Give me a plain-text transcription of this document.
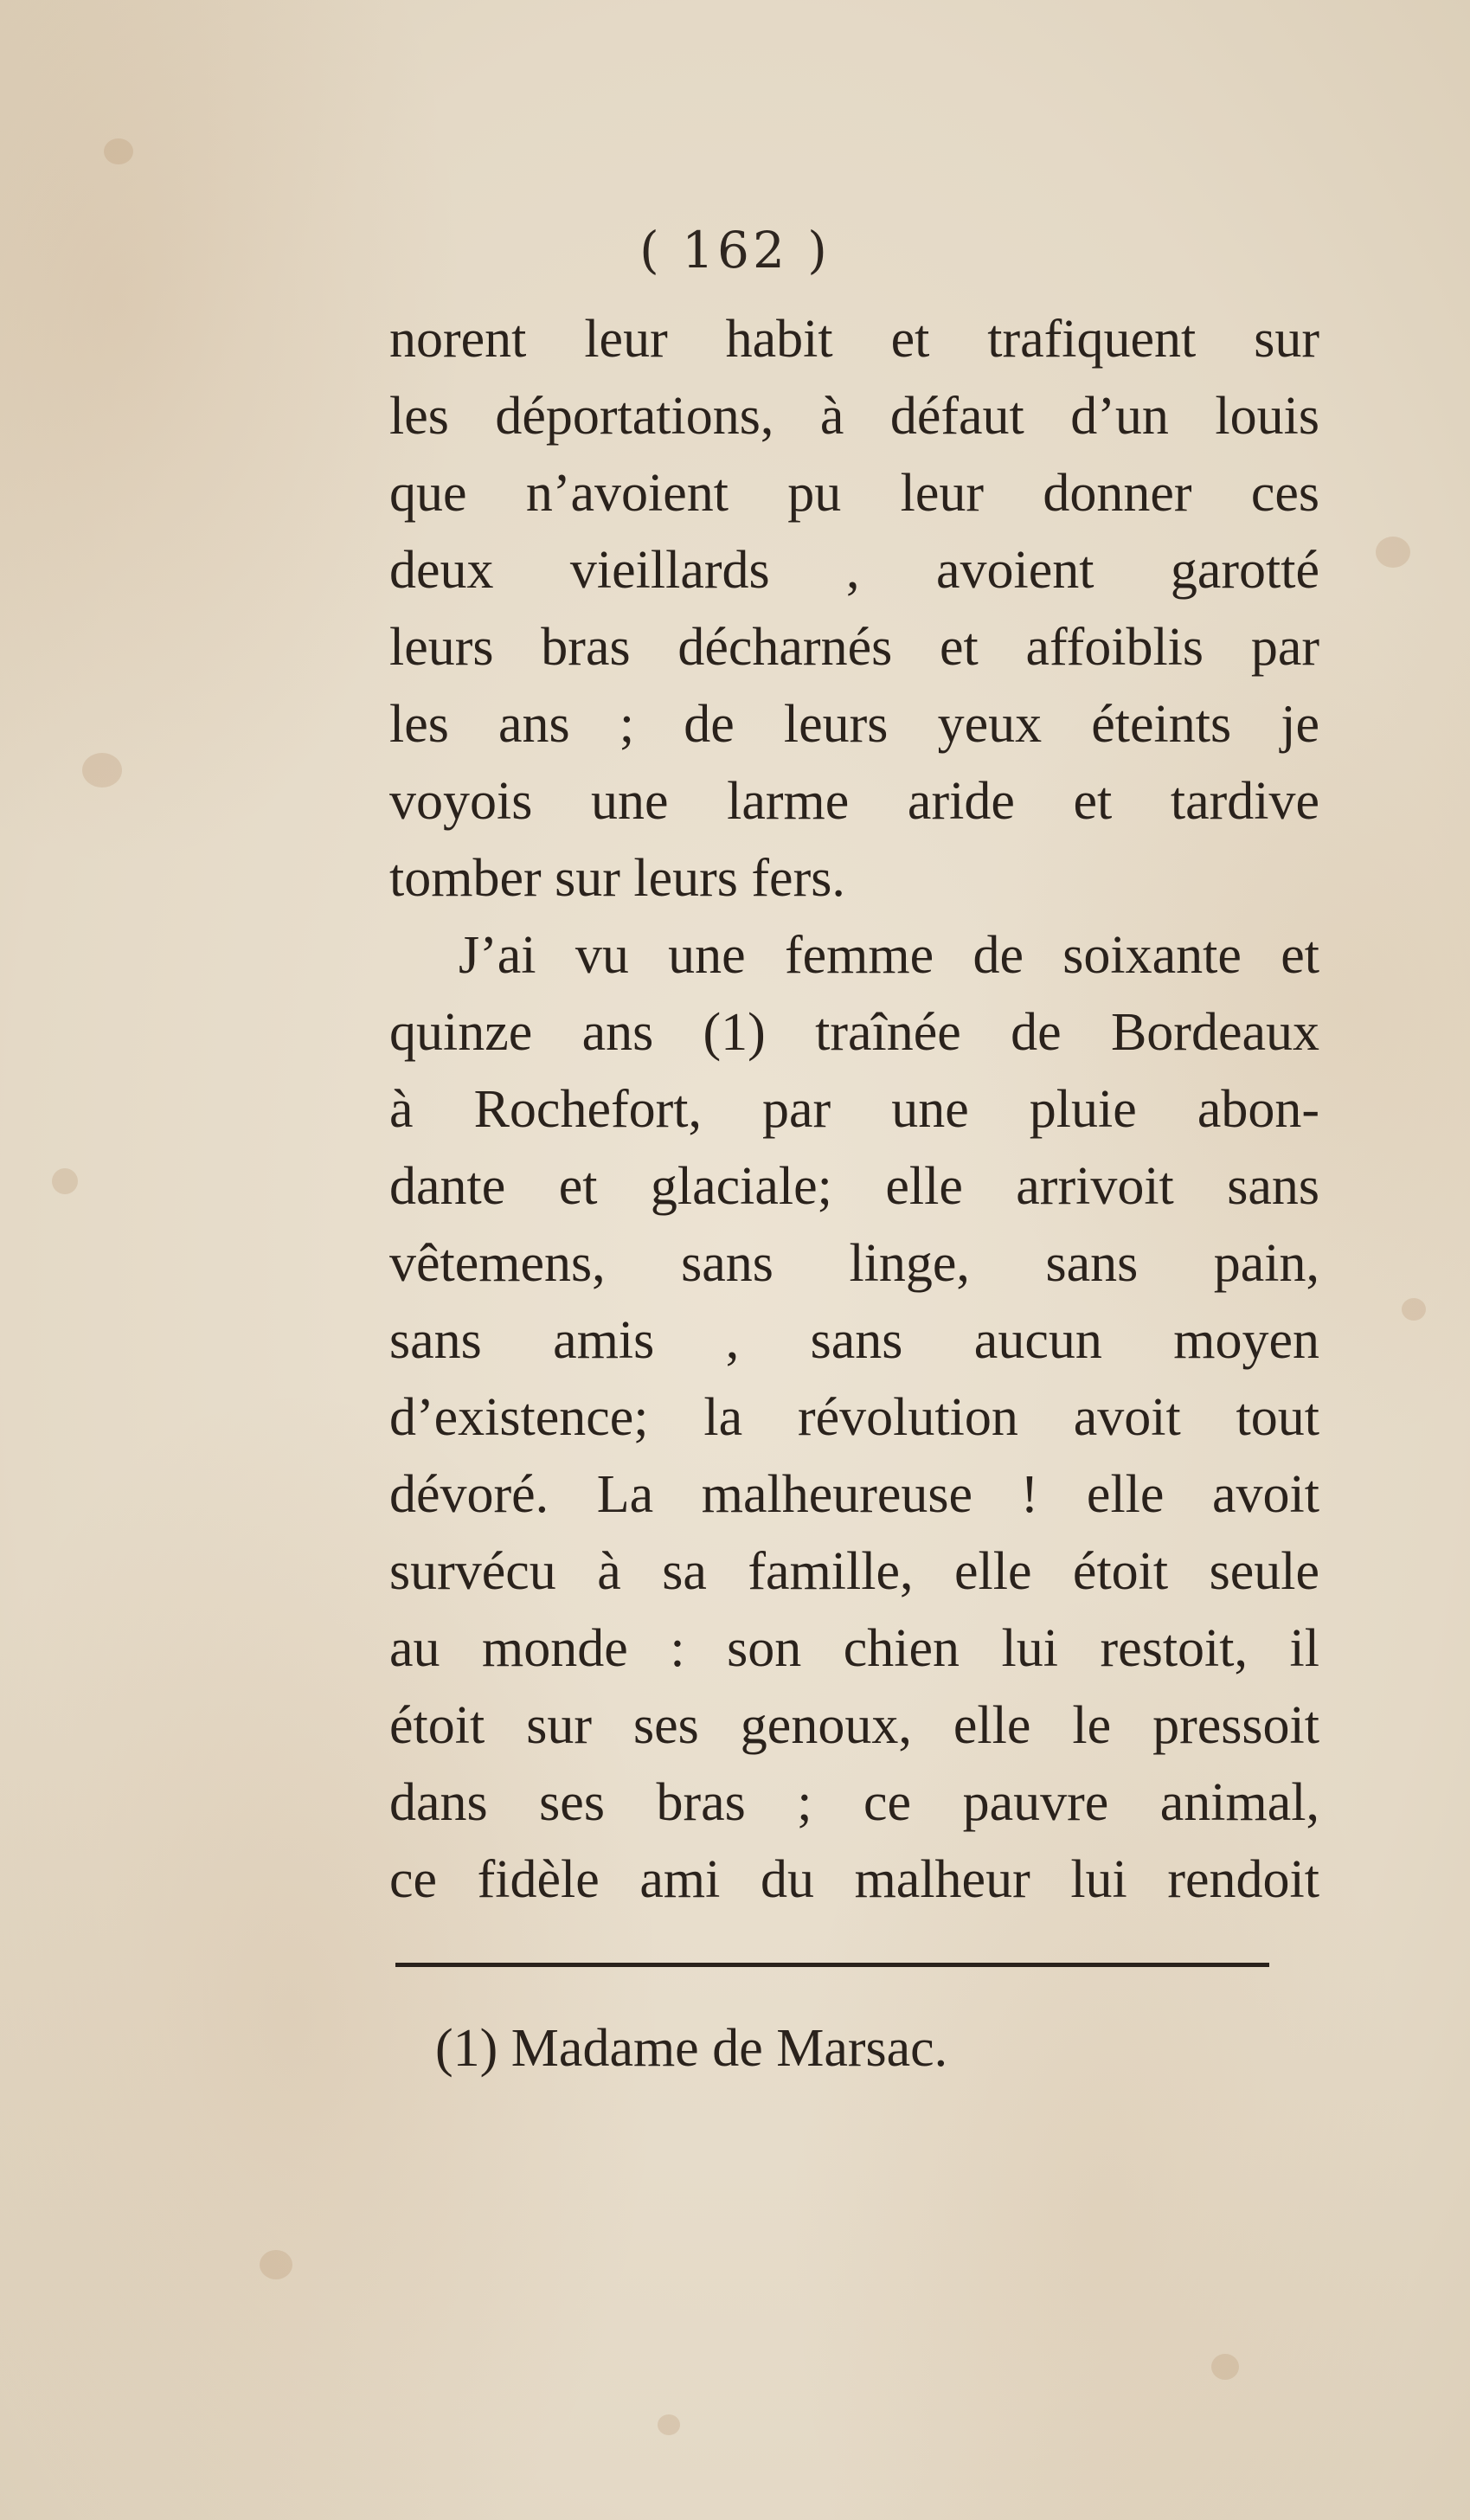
( 162 )
norent leur habit et trafiquent sur
les déportations, à défaut d’un louis
que n’avoient pu leur donner ces
deux vieillards , avoient garotté
leurs bras décharnés et affoiblis par
les ans ; de leurs yeux éteints je
voyois une larme aride et tardive
tomber sur leurs fers.
J’ai vu une femme de soixante et
quinze ans (1) traînée de Bordeaux
à Rochefort, par une pluie abon-
dante et glaciale; elle arrivoit sans
vêtemens, sans linge, sans pain,
sans amis , sans aucun moyen
d’existence; la révolution avoit tout
dévoré. La malheureuse ! elle avoit
survécu à sa famille, elle étoit seule
au monde : son chien lui restoit, il
étoit sur ses genoux, elle le pressoit
dans ses bras ; ce pauvre animal,
ce fidèle ami du malheur lui rendoit
(1) Madame de Marsac.
